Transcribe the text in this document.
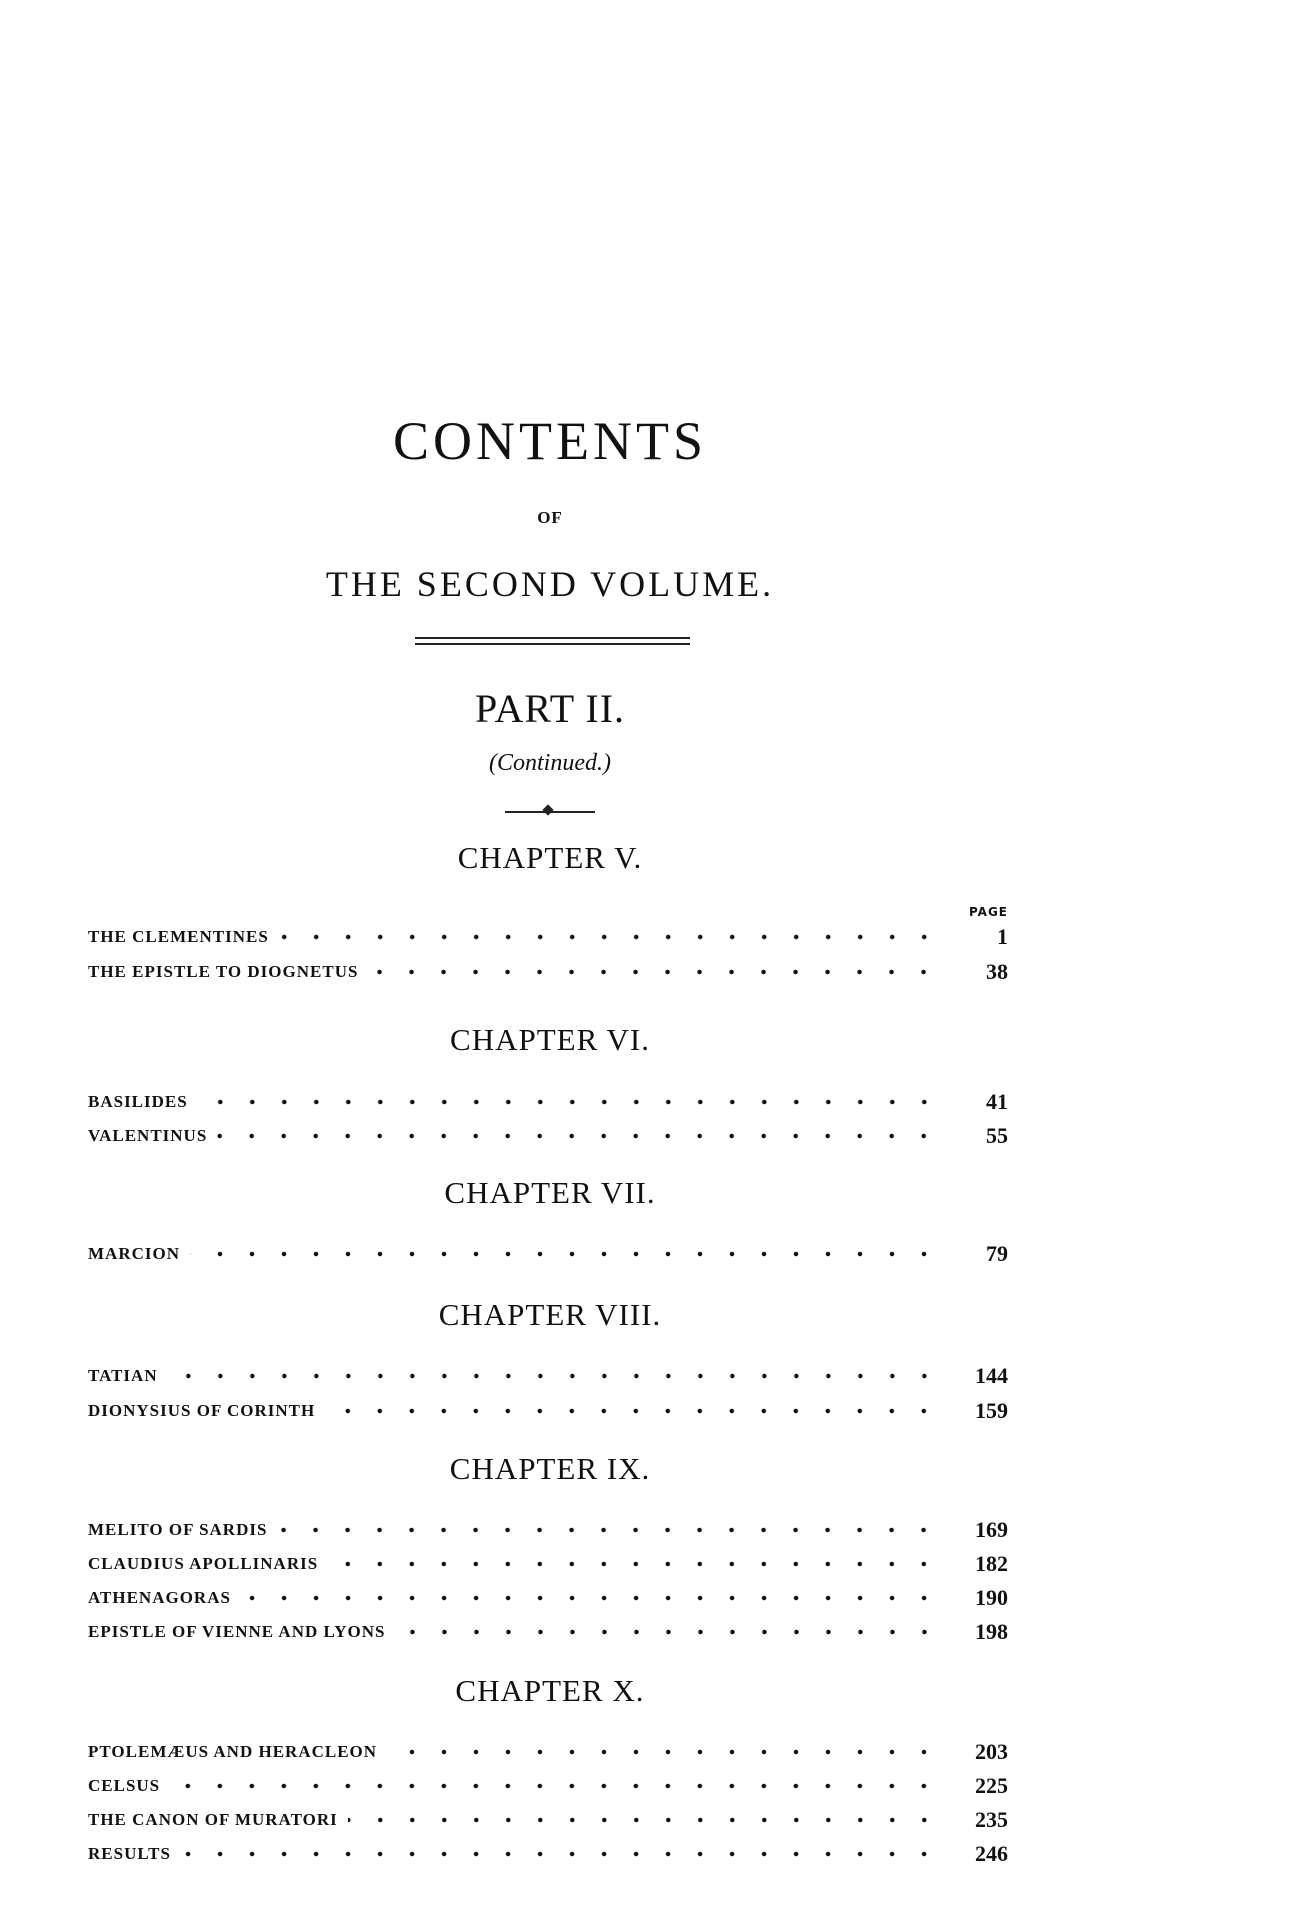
CONTENTS
OF
THE SECOND VOLUME.
PART II.
(Continued.)
PAGE
CHAPTER V.
THE CLEMENTINES	1
THE EPISTLE TO DIOGNETUS	38
CHAPTER VI.
BASILIDES	41
VALENTINUS	55
CHAPTER VII.
MARCION	79
CHAPTER VIII.
TATIAN	144
DIONYSIUS OF CORINTH	159
CHAPTER IX.
MELITO OF SARDIS	169
CLAUDIUS APOLLINARIS	182
ATHENAGORAS	190
EPISTLE OF VIENNE AND LYONS	198
CHAPTER X.
PTOLEMÆUS AND HERACLEON	203
CELSUS	225
THE CANON OF MURATORI	235
RESULTS	246
